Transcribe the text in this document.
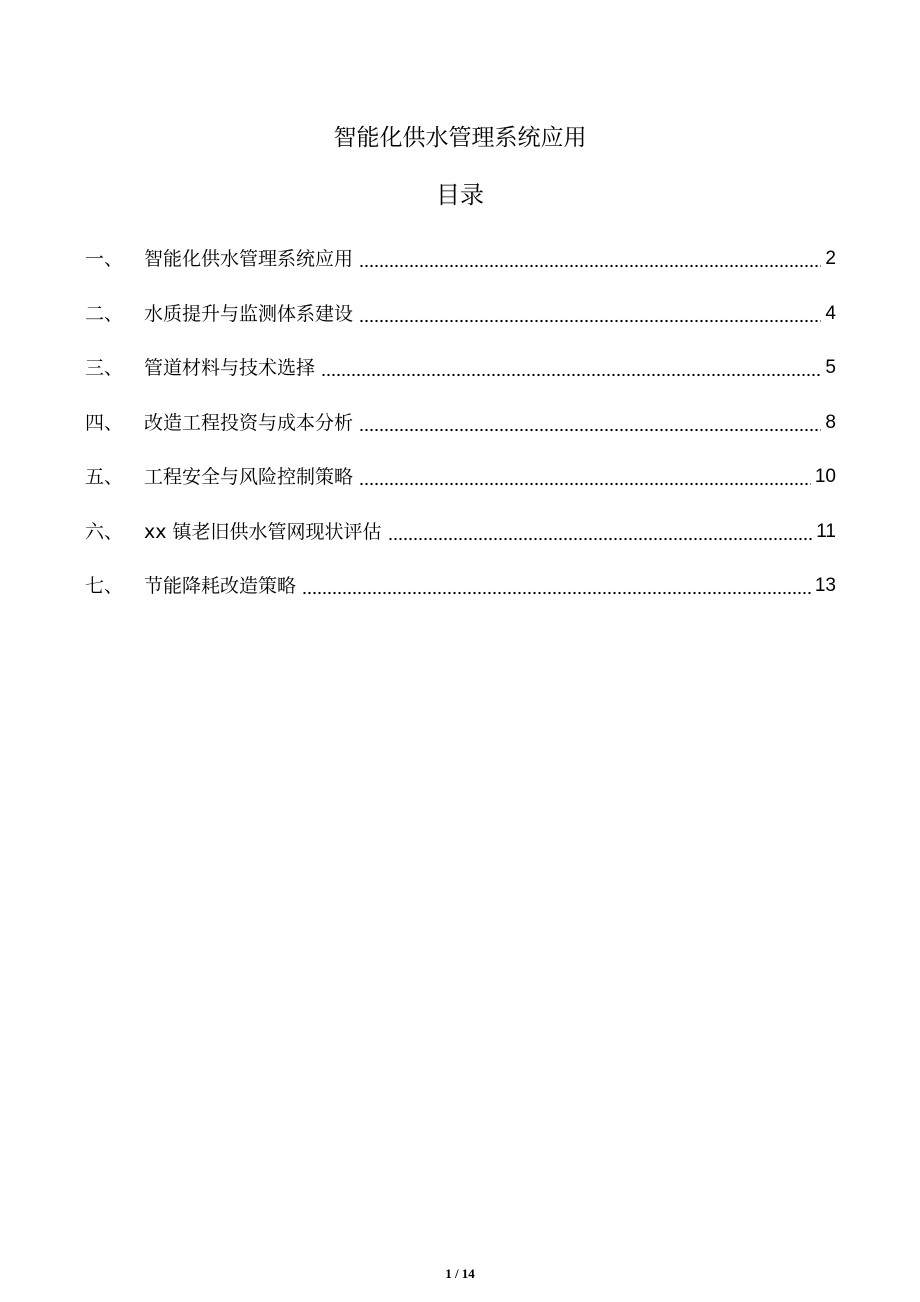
智能化供水管理系统应用
目录
一、	智能化供水管理系统应用	2
二、	水质提升与监测体系建设	4
三、	管道材料与技术选择	5
四、	改造工程投资与成本分析	8
五、	工程安全与风险控制策略	10
六、	xx 镇老旧供水管网现状评估	11
七、	节能降耗改造策略	13
1 / 14
